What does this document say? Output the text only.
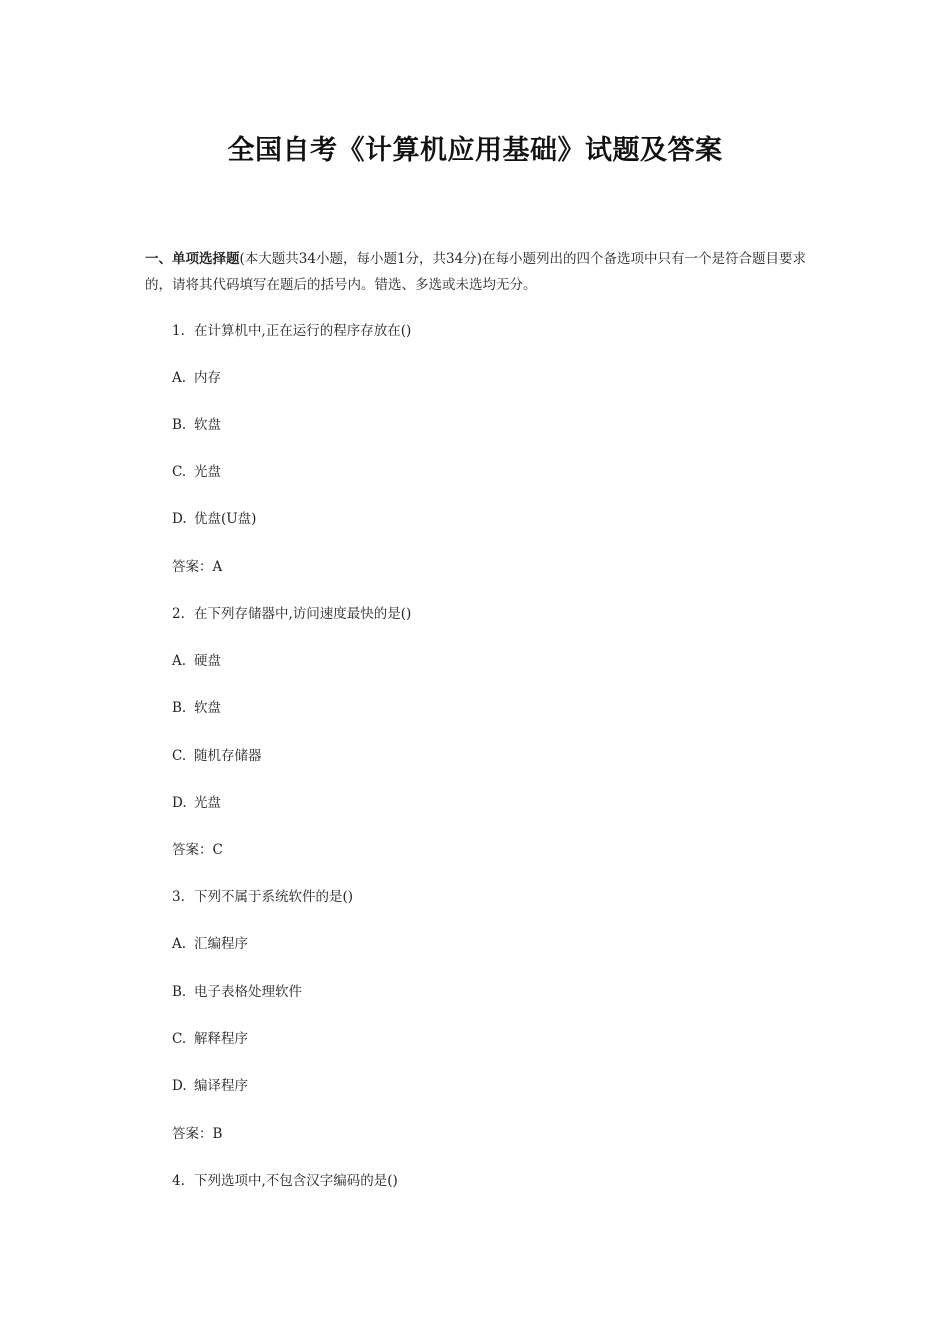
全国自考《计算机应用基础》试题及答案
一、单项选择题(本大题共34小题，每小题1分，共34分)在每小题列出的四个备选项中只有一个是符合题目要求的，请将其代码填写在题后的括号内。错选、多选或未选均无分。
1. 在计算机中,正在运行的程序存放在()
A. 内存
B. 软盘
C. 光盘
D. 优盘(U盘)
答案：A
2. 在下列存储器中,访问速度最快的是()
A. 硬盘
B. 软盘
C. 随机存储器
D. 光盘
答案：C
3. 下列不属于系统软件的是()
A. 汇编程序
B. 电子表格处理软件
C. 解释程序
D. 编译程序
答案：B
4. 下列选项中,不包含汉字编码的是()
